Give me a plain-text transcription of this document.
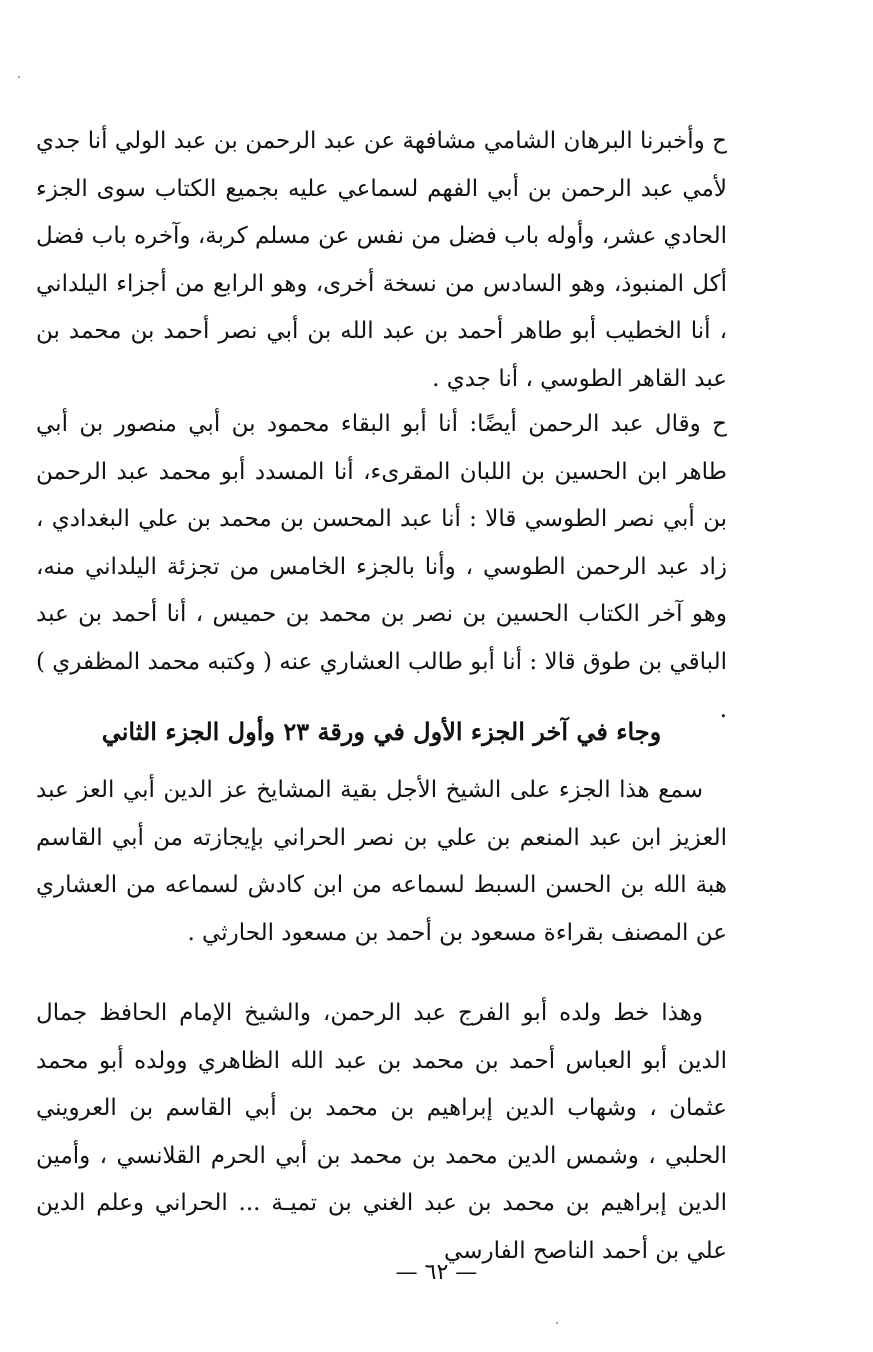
ح وأخبرنا البرهان الشامي مشافهة عن عبد الرحمن بن عبد الولي أنا جدي لأمي عبد الرحمن بن أبي الفهم لسماعي عليه بجميع الكتاب سوى الجزء الحادي عشر، وأوله باب فضل من نفس عن مسلم كربة، وآخره باب فضل أكل المنبوذ، وهو السادس من نسخة أخرى، وهو الرابع من أجزاء اليلداني ، أنا الخطيب أبو طاهر أحمد بن عبد الله بن أبي نصر أحمد بن محمد بن عبد القاهر الطوسي ، أنا جدي .

ح وقال عبد الرحمن أيضًا: أنا أبو البقاء محمود بن أبي منصور بن أبي طاهر ابن الحسين بن اللبان المقرىء، أنا المسدد أبو محمد عبد الرحمن بن أبي نصر الطوسي قالا : أنا عبد المحسن بن محمد بن علي البغدادي ، زاد عبد الرحمن الطوسي ، وأنا بالجزء الخامس من تجزئة اليلداني منه، وهو آخر الكتاب الحسين بن نصر بن محمد بن حميس ، أنا أحمد بن عبد الباقي بن طوق قالا : أنا أبو طالب العشاري عنه ( وكتبه محمد المظفري ) .

وجاء في آخر الجزء الأول في ورقة ٢٣ وأول الجزء الثاني

سمع هذا الجزء على الشيخ الأجل بقية المشايخ عز الدين أبي العز عبد العزيز ابن عبد المنعم بن علي بن نصر الحراني بإيجازته من أبي القاسم هبة الله بن الحسن السبط لسماعه من ابن كادش لسماعه من العشاري عن المصنف بقراءة مسعود بن أحمد بن مسعود الحارثي .

وهذا خط ولده أبو الفرج عبد الرحمن، والشيخ الإمام الحافظ جمال الدين أبو العباس أحمد بن محمد بن عبد الله الظاهري وولده أبو محمد عثمان ، وشهاب الدين إبراهيم بن محمد بن أبي القاسم بن العرويني الحلبي ، وشمس الدين محمد بن محمد بن أبي الحرم القلانسي ، وأمين الدين إبراهيم بن محمد بن عبد الغني بن تميـة ... الحراني وعلم الدين علي بن أحمد الناصح الفارسي

— ٦٢ —
